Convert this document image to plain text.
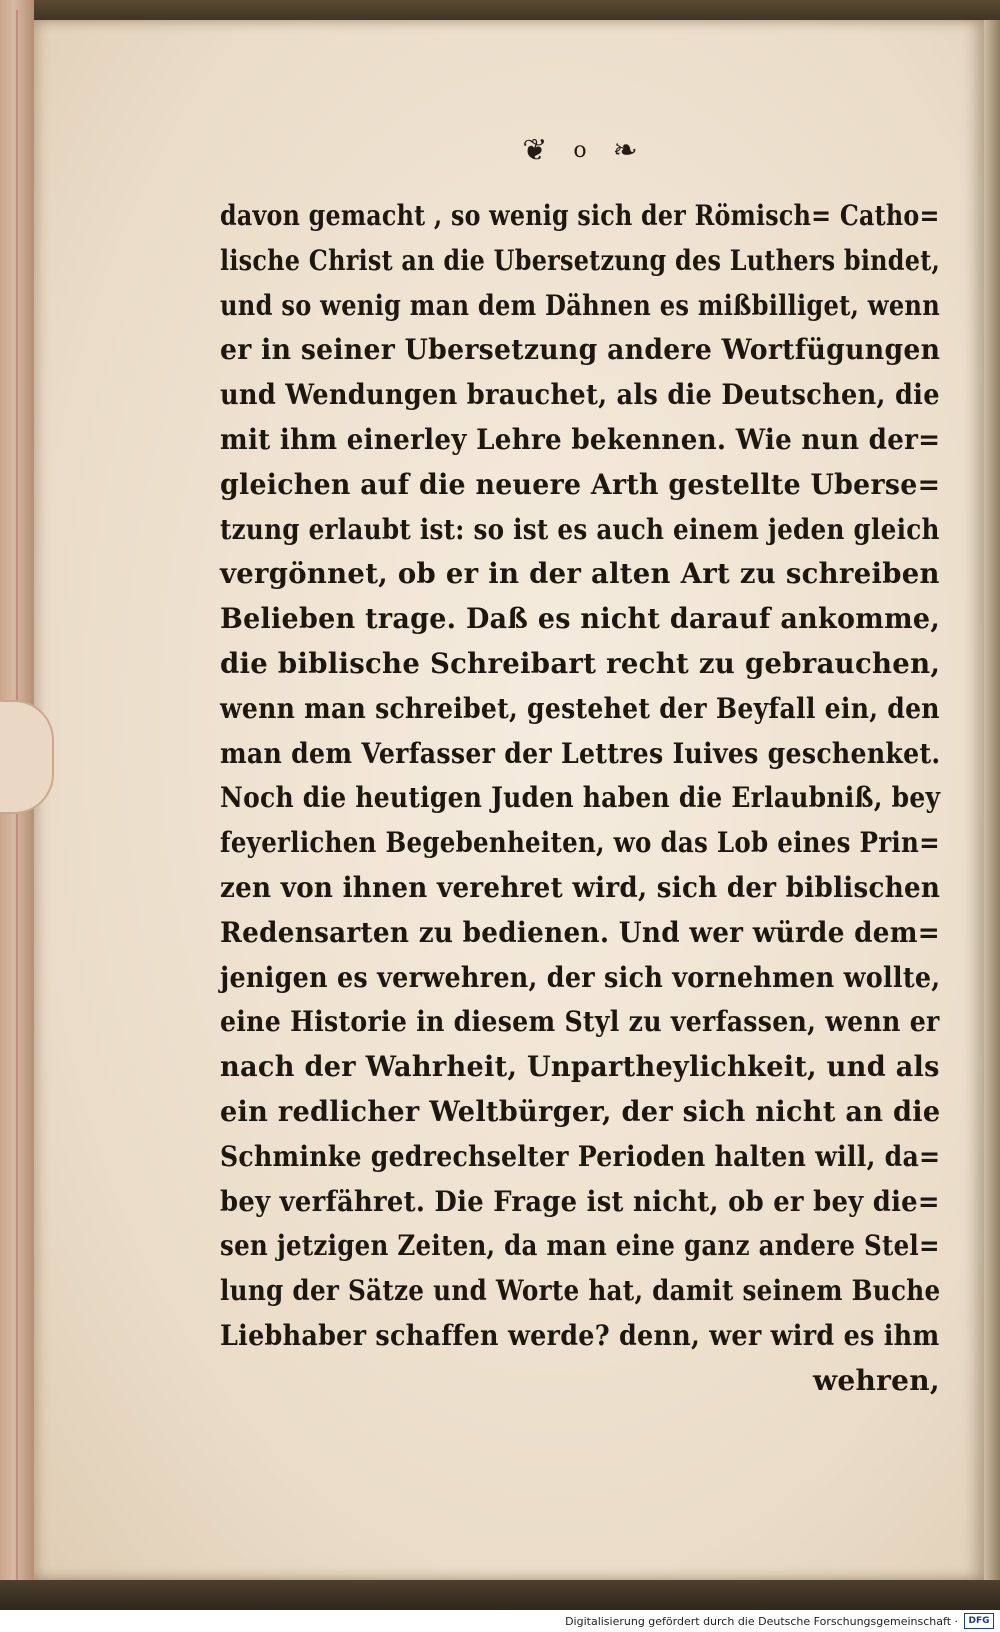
❦ o ❧
davon gemacht , so wenig sich der Römisch= Catho=
lische Christ an die Ubersetzung des Luthers bindet,
und so wenig man dem Dähnen es mißbilliget, wenn
er in seiner Ubersetzung andere Wortfügungen
und Wendungen brauchet, als die Deutschen, die
mit ihm einerley Lehre bekennen. Wie nun der=
gleichen auf die neuere Arth gestellte Uberse=
tzung erlaubt ist: so ist es auch einem jeden gleich
vergönnet, ob er in der alten Art zu schreiben
Belieben trage. Daß es nicht darauf ankomme,
die biblische Schreibart recht zu gebrauchen,
wenn man schreibet, gestehet der Beyfall ein, den
man dem Verfasser der Lettres Iuives geschenket.
Noch die heutigen Juden haben die Erlaubniß, bey
feyerlichen Begebenheiten, wo das Lob eines Prin=
zen von ihnen verehret wird, sich der biblischen
Redensarten zu bedienen. Und wer würde dem=
jenigen es verwehren, der sich vornehmen wollte,
eine Historie in diesem Styl zu verfassen, wenn er
nach der Wahrheit, Unpartheylichkeit, und als
ein redlicher Weltbürger, der sich nicht an die
Schminke gedrechselter Perioden halten will, da=
bey verfähret. Die Frage ist nicht, ob er bey die=
sen jetzigen Zeiten, da man eine ganz andere Stel=
lung der Sätze und Worte hat, damit seinem Buche
Liebhaber schaffen werde? denn, wer wird es ihm
wehren,
Digitalisierung gefördert durch die Deutsche Forschungsgemeinschaft ·	DFG
